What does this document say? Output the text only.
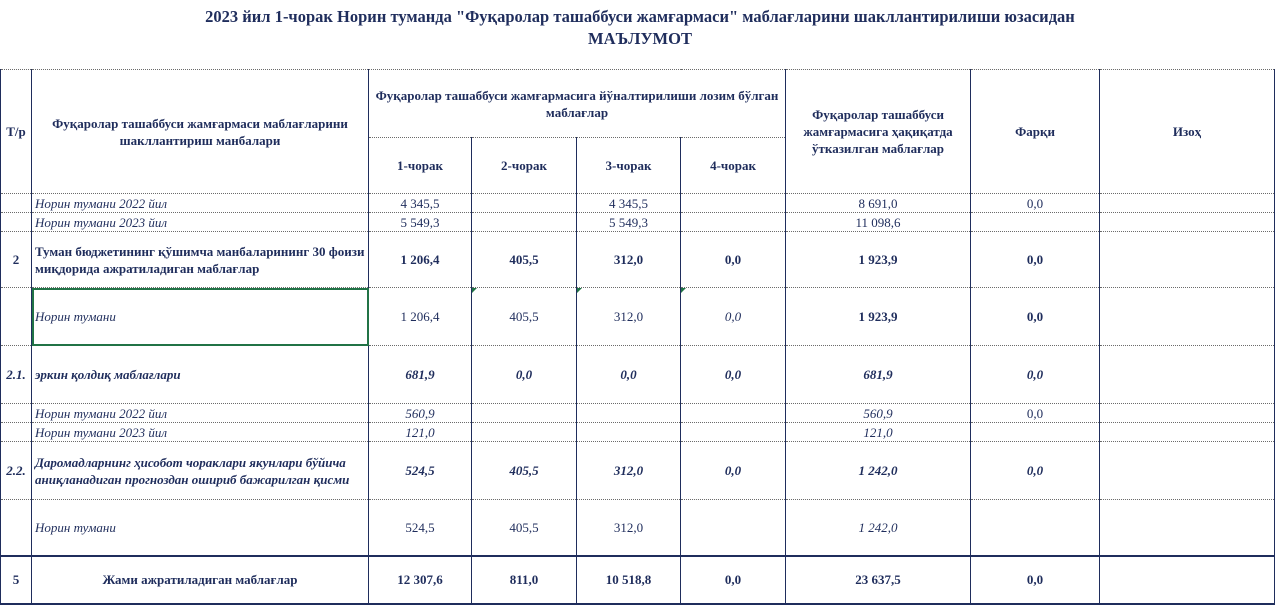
2023 йил 1-чорак Норин туманда "Фуқаролар ташаббуси жамғармаси" маблағларини шакллантирилиши юзасидан
МАЪЛУМОТ
Т/р	Фуқаролар ташаббуси жамғармаси маблағларини шакллантириш манбалари	Фуқаролар ташаббуси жамғармасига йўналтирилиши лозим бўлган маблағлар				Фуқаролар ташаббуси жамғармасига ҳақиқатда ўтказилган маблағлар	Фарқи	Изоҳ
		1-чорак	2-чорак	3-чорак	4-чорак			
	Норин тумани 2022 йил	4 345,5		4 345,5		8 691,0	0,0	
	Норин тумани 2023 йил	5 549,3		5 549,3		11 098,6		
2	Туман бюджетининг қўшимча манбаларининг 30 фоизи миқдорида ажратиладиган маблағлар	1 206,4	405,5	312,0	0,0	1 923,9	0,0	
	Норин тумани	1 206,4	405,5	312,0	0,0	1 923,9	0,0	
2.1.	эркин қолдиқ маблағлари	681,9	0,0	0,0	0,0	681,9	0,0	
	Норин тумани 2022 йил	560,9				560,9	0,0	
	Норин тумани 2023 йил	121,0				121,0		
2.2.	Даромадларнинг ҳисобот чораклари якунлари бўйича аниқланадиган прогноздан ошириб бажарилган қисми	524,5	405,5	312,0	0,0	1 242,0	0,0	
	Норин тумани	524,5	405,5	312,0		1 242,0		
5	Жами ажратиладиган маблағлар	12 307,6	811,0	10 518,8	0,0	23 637,5	0,0	
